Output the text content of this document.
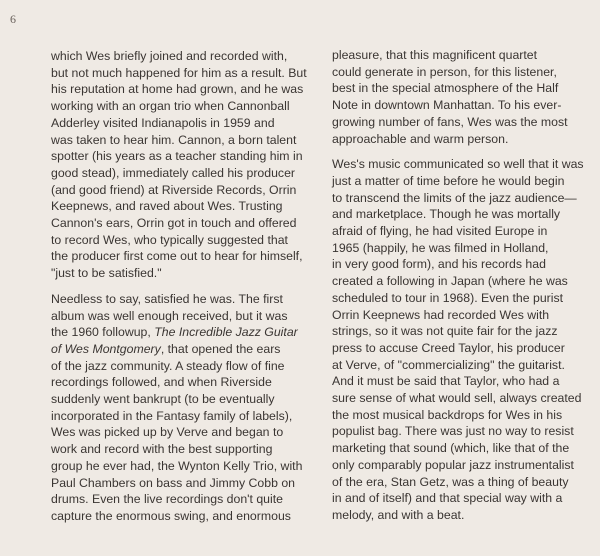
6
which Wes briefly joined and recorded with,
but not much happened for him as a result. But
his reputation at home had grown, and he was
working with an organ trio when Cannonball
Adderley visited Indianapolis in 1959 and
was taken to hear him. Cannon, a born talent
spotter (his years as a teacher standing him in
good stead), immediately called his producer
(and good friend) at Riverside Records, Orrin
Keepnews, and raved about Wes. Trusting
Cannon's ears, Orrin got in touch and offered
to record Wes, who typically suggested that
the producer first come out to hear for himself,
"just to be satisfied."
Needless to say, satisfied he was. The first
album was well enough received, but it was
the 1960 followup, The Incredible Jazz Guitar
of Wes Montgomery, that opened the ears
of the jazz community. A steady flow of fine
recordings followed, and when Riverside
suddenly went bankrupt (to be eventually
incorporated in the Fantasy family of labels),
Wes was picked up by Verve and began to
work and record with the best supporting
group he ever had, the Wynton Kelly Trio, with
Paul Chambers on bass and Jimmy Cobb on
drums. Even the live recordings don't quite
capture the enormous swing, and enormous
pleasure, that this magnificent quartet
could generate in person, for this listener,
best in the special atmosphere of the Half
Note in downtown Manhattan. To his ever-
growing number of fans, Wes was the most
approachable and warm person.
Wes's music communicated so well that it was
just a matter of time before he would begin
to transcend the limits of the jazz audience—
and marketplace. Though he was mortally
afraid of flying, he had visited Europe in
1965 (happily, he was filmed in Holland,
in very good form), and his records had
created a following in Japan (where he was
scheduled to tour in 1968). Even the purist
Orrin Keepnews had recorded Wes with
strings, so it was not quite fair for the jazz
press to accuse Creed Taylor, his producer
at Verve, of "commercializing" the guitarist.
And it must be said that Taylor, who had a
sure sense of what would sell, always created
the most musical backdrops for Wes in his
populist bag. There was just no way to resist
marketing that sound (which, like that of the
only comparably popular jazz instrumentalist
of the era, Stan Getz, was a thing of beauty
in and of itself) and that special way with a
melody, and with a beat.
